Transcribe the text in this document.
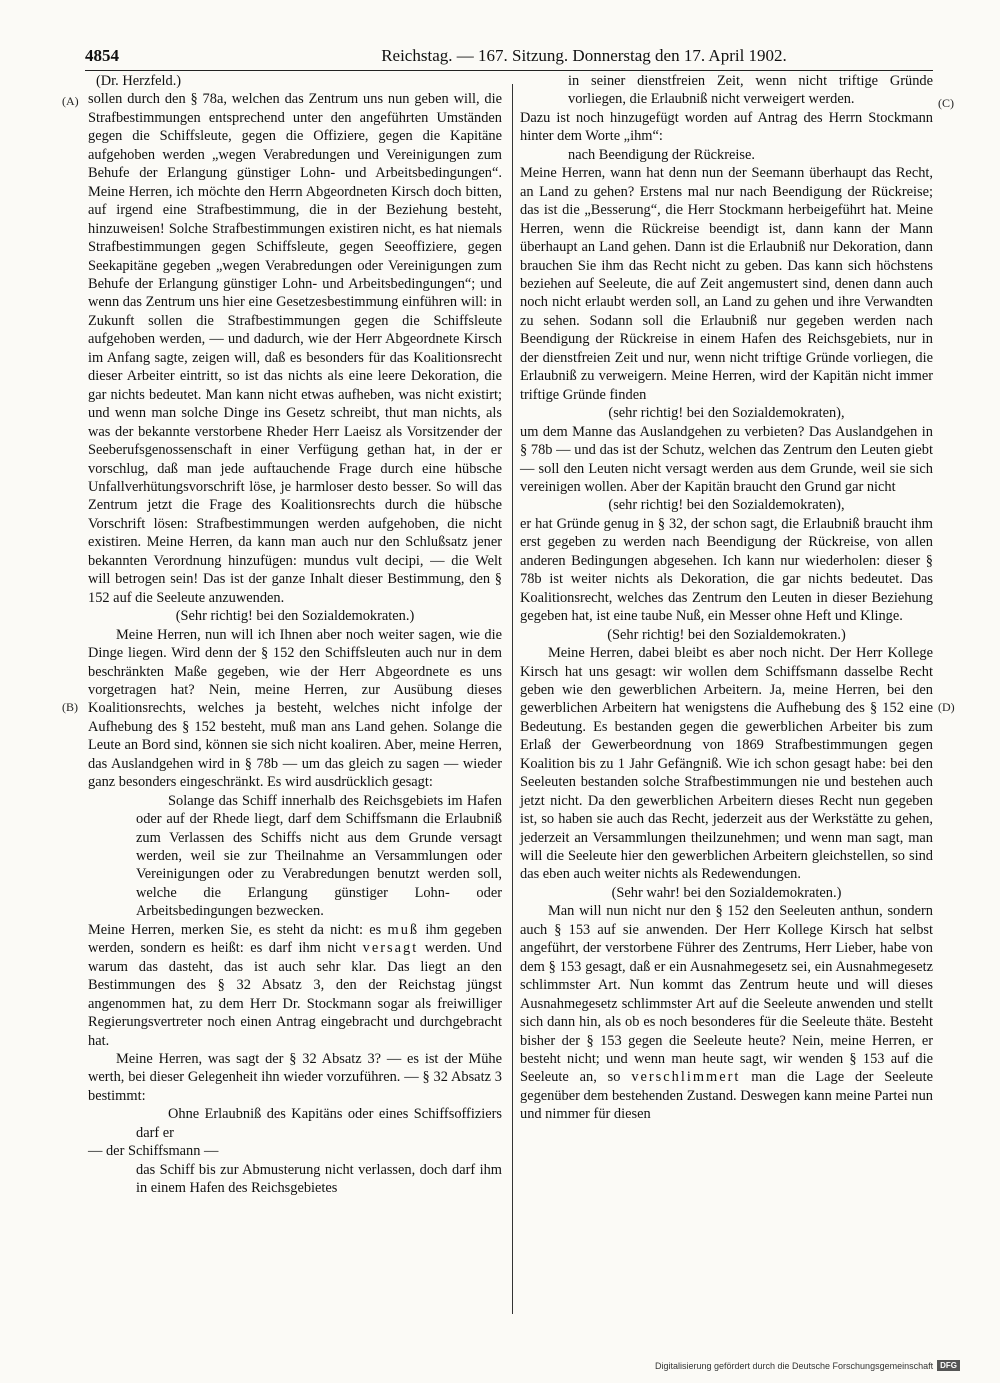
4854	Reichstag. — 167. Sitzung. Donnerstag den 17. April 1902.
(A)
(B)
(C)
(D)

(Dr. Herzfeld.)

sollen durch den § 78a, welchen das Zentrum uns nun geben will, die Strafbestimmungen entsprechend unter den angeführten Umständen gegen die Schiffsleute, gegen die Offiziere, gegen die Kapitäne aufgehoben werden „wegen Verabredungen und Vereinigungen zum Behufe der Erlangung günstiger Lohn- und Arbeitsbedingungen“. Meine Herren, ich möchte den Herrn Abgeordneten Kirsch doch bitten, auf irgend eine Strafbestimmung, die in der Beziehung besteht, hinzuweisen! Solche Strafbestimmungen existiren nicht, es hat niemals Strafbestimmungen gegen Schiffsleute, gegen Seeoffiziere, gegen Seekapitäne gegeben „wegen Verabredungen oder Vereinigungen zum Behufe der Erlangung günstiger Lohn- und Arbeitsbedingungen“; und wenn das Zentrum uns hier eine Gesetzesbestimmung einführen will: in Zukunft sollen die Strafbestimmungen gegen die Schiffsleute aufgehoben werden, — und dadurch, wie der Herr Abgeordnete Kirsch im Anfang sagte, zeigen will, daß es besonders für das Koalitionsrecht dieser Arbeiter eintritt, so ist das nichts als eine leere Dekoration, die gar nichts bedeutet. Man kann nicht etwas aufheben, was nicht existirt; und wenn man solche Dinge ins Gesetz schreibt, thut man nichts, als was der bekannte verstorbene Rheder Herr Laeisz als Vorsitzender der Seeberufsgenossenschaft in einer Verfügung gethan hat, in der er vorschlug, daß man jede auftauchende Frage durch eine hübsche Unfallverhütungsvorschrift löse, je harmloser desto besser. So will das Zentrum jetzt die Frage des Koalitionsrechts durch die hübsche Vorschrift lösen: Strafbestimmungen werden aufgehoben, die nicht existiren. Meine Herren, da kann man auch nur den Schlußsatz jener bekannten Verordnung hinzufügen: mundus vult decipi, — die Welt will betrogen sein! Das ist der ganze Inhalt dieser Bestimmung, den § 152 auf die Seeleute anzuwenden.

(Sehr richtig! bei den Sozialdemokraten.)

Meine Herren, nun will ich Ihnen aber noch weiter sagen, wie die Dinge liegen. Wird denn der § 152 den Schiffsleuten auch nur in dem beschränkten Maße gegeben, wie der Herr Abgeordnete es uns vorgetragen hat? Nein, meine Herren, zur Ausübung dieses Koalitionsrechts, welches ja besteht, welches nicht infolge der Aufhebung des § 152 besteht, muß man ans Land gehen. Solange die Leute an Bord sind, können sie sich nicht koaliren. Aber, meine Herren, das Auslandgehen wird in § 78b — um das gleich zu sagen — wieder ganz besonders eingeschränkt. Es wird ausdrücklich gesagt:

Solange das Schiff innerhalb des Reichsgebiets im Hafen oder auf der Rhede liegt, darf dem Schiffsmann die Erlaubniß zum Verlassen des Schiffs nicht aus dem Grunde versagt werden, weil sie zur Theilnahme an Versammlungen oder Vereinigungen oder zu Verabredungen benutzt werden soll, welche die Erlangung günstiger Lohn- oder Arbeitsbedingungen bezwecken.

Meine Herren, merken Sie, es steht da nicht: es muß ihm gegeben werden, sondern es heißt: es darf ihm nicht versagt werden. Und warum das dasteht, das ist auch sehr klar. Das liegt an den Bestimmungen des § 32 Absatz 3, den der Reichstag jüngst angenommen hat, zu dem Herr Dr. Stockmann sogar als freiwilliger Regierungsvertreter noch einen Antrag eingebracht und durchgebracht hat.

Meine Herren, was sagt der § 32 Absatz 3? — es ist der Mühe werth, bei dieser Gelegenheit ihn wieder vorzuführen. — § 32 Absatz 3 bestimmt:

Ohne Erlaubniß des Kapitäns oder eines Schiffsoffiziers darf er

— der Schiffsmann —

das Schiff bis zur Abmusterung nicht verlassen, doch darf ihm in einem Hafen des Reichsgebietes

in seiner dienstfreien Zeit, wenn nicht triftige Gründe vorliegen, die Erlaubniß nicht verweigert werden.

Dazu ist noch hinzugefügt worden auf Antrag des Herrn Stockmann hinter dem Worte „ihm“:

nach Beendigung der Rückreise.

Meine Herren, wann hat denn nun der Seemann überhaupt das Recht, an Land zu gehen? Erstens mal nur nach Beendigung der Rückreise; das ist die „Besserung“, die Herr Stockmann herbeigeführt hat. Meine Herren, wenn die Rückreise beendigt ist, dann kann der Mann überhaupt an Land gehen. Dann ist die Erlaubniß nur Dekoration, dann brauchen Sie ihm das Recht nicht zu geben. Das kann sich höchstens beziehen auf Seeleute, die auf Zeit angemustert sind, denen dann auch noch nicht erlaubt werden soll, an Land zu gehen und ihre Verwandten zu sehen. Sodann soll die Erlaubniß nur gegeben werden nach Beendigung der Rückreise in einem Hafen des Reichsgebiets, nur in der dienstfreien Zeit und nur, wenn nicht triftige Gründe vorliegen, die Erlaubniß zu verweigern. Meine Herren, wird der Kapitän nicht immer triftige Gründe finden

(sehr richtig! bei den Sozialdemokraten),

um dem Manne das Auslandgehen zu verbieten? Das Auslandgehen in § 78b — und das ist der Schutz, welchen das Zentrum den Leuten giebt — soll den Leuten nicht versagt werden aus dem Grunde, weil sie sich vereinigen wollen. Aber der Kapitän braucht den Grund gar nicht

(sehr richtig! bei den Sozialdemokraten),

er hat Gründe genug in § 32, der schon sagt, die Erlaubniß braucht ihm erst gegeben zu werden nach Beendigung der Rückreise, von allen anderen Bedingungen abgesehen. Ich kann nur wiederholen: dieser § 78b ist weiter nichts als Dekoration, die gar nichts bedeutet. Das Koalitionsrecht, welches das Zentrum den Leuten in dieser Beziehung gegeben hat, ist eine taube Nuß, ein Messer ohne Heft und Klinge.

(Sehr richtig! bei den Sozialdemokraten.)

Meine Herren, dabei bleibt es aber noch nicht. Der Herr Kollege Kirsch hat uns gesagt: wir wollen dem Schiffsmann dasselbe Recht geben wie den gewerblichen Arbeitern. Ja, meine Herren, bei den gewerblichen Arbeitern hat wenigstens die Aufhebung des § 152 eine Bedeutung. Es bestanden gegen die gewerblichen Arbeiter bis zum Erlaß der Gewerbeordnung von 1869 Strafbestimmungen gegen Koalition bis zu 1 Jahr Gefängniß. Wie ich schon gesagt habe: bei den Seeleuten bestanden solche Strafbestimmungen nie und bestehen auch jetzt nicht. Da den gewerblichen Arbeitern dieses Recht nun gegeben ist, so haben sie auch das Recht, jederzeit aus der Werkstätte zu gehen, jederzeit an Versammlungen theilzunehmen; und wenn man sagt, man will die Seeleute hier den gewerblichen Arbeitern gleichstellen, so sind das eben auch weiter nichts als Redewendungen.

(Sehr wahr! bei den Sozialdemokraten.)

Man will nun nicht nur den § 152 den Seeleuten anthun, sondern auch § 153 auf sie anwenden. Der Herr Kollege Kirsch hat selbst angeführt, der verstorbene Führer des Zentrums, Herr Lieber, habe von dem § 153 gesagt, daß er ein Ausnahmegesetz sei, ein Ausnahmegesetz schlimmster Art. Nun kommt das Zentrum heute und will dieses Ausnahmegesetz schlimmster Art auf die Seeleute anwenden und stellt sich dann hin, als ob es noch besonderes für die Seeleute thäte. Besteht bisher der § 153 gegen die Seeleute heute? Nein, meine Herren, er besteht nicht; und wenn man heute sagt, wir wenden § 153 auf die Seeleute an, so verschlimmert man die Lage der Seeleute gegenüber dem bestehenden Zustand. Deswegen kann meine Partei nun und nimmer für diesen

Digitalisierung gefördert durch die Deutsche Forschungsgemeinschaft DFG
